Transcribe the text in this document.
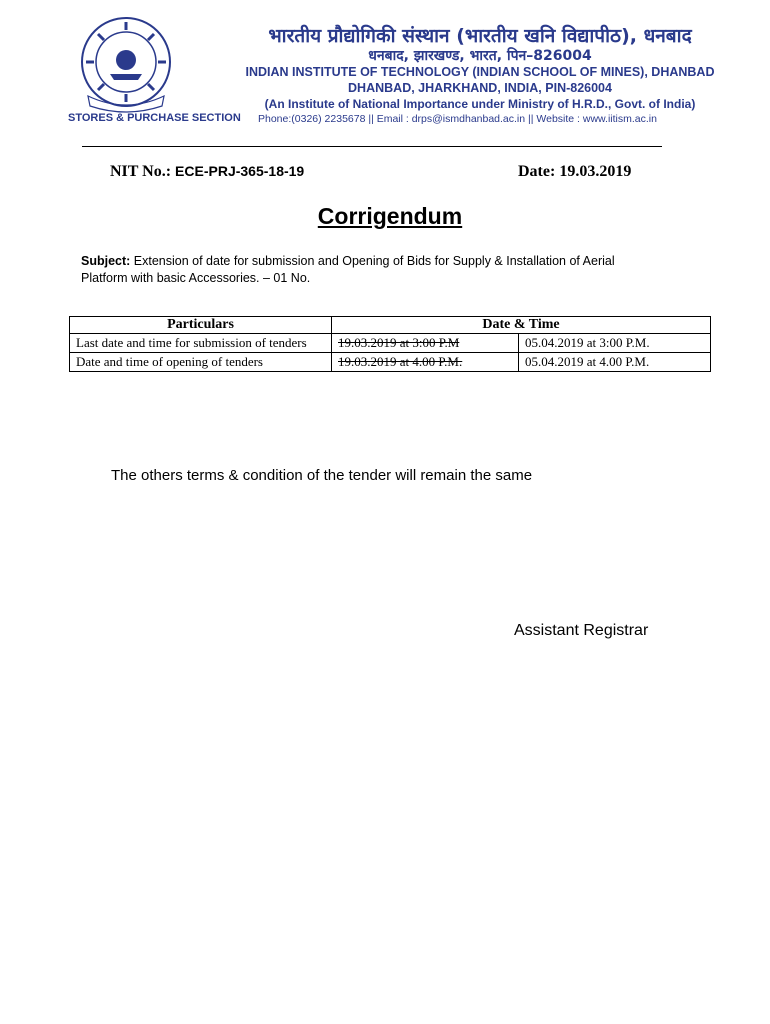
भारतीय प्रौद्योगिकी संस्थान (भारतीय खनि विद्यापीठ), धनबाद
धनबाद, झारखण्ड, भारत, पिन–826004
INDIAN INSTITUTE OF TECHNOLOGY (INDIAN SCHOOL OF MINES), DHANBAD
DHANBAD, JHARKHAND, INDIA, PIN-826004
(An Institute of National Importance under Ministry of H.R.D., Govt. of India)
STORES & PURCHASE SECTION Phone:(0326) 2235678 || Email : drps@ismdhanbad.ac.in || Website : www.iitism.ac.in
NIT No.: ECE-PRJ-365-18-19	Date: 19.03.2019
Corrigendum
Subject: Extension of date for submission and Opening of Bids for Supply & Installation of Aerial Platform with basic Accessories. – 01 No.
Particulars	Date & Time	
Last date and time for submission of tenders	19.03.2019 at 3:00 P.M	05.04.2019 at 3:00 P.M.
Date and time of opening of tenders	19.03.2019 at 4.00 P.M.	05.04.2019 at 4.00 P.M.
The others terms & condition of the tender will remain the same
Assistant Registrar
